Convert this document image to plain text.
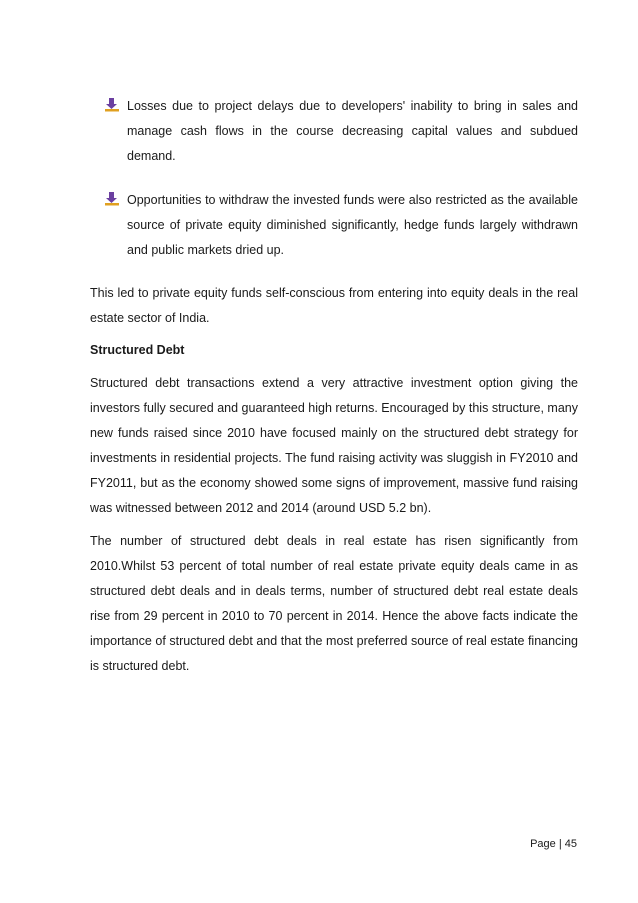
Losses due to project delays due to developers' inability to bring in sales and manage cash flows in the course decreasing capital values and subdued demand.

Opportunities to withdraw the invested funds were also restricted as the available source of private equity diminished significantly, hedge funds largely withdrawn and public markets dried up.

This led to private equity funds self-conscious from entering into equity deals in the real estate sector of India.

Structured Debt

Structured debt transactions extend a very attractive investment option giving the investors fully secured and guaranteed high returns. Encouraged by this structure, many new funds raised since 2010 have focused mainly on the structured debt strategy for investments in residential projects. The fund raising activity was sluggish in FY2010 and FY2011, but as the economy showed some signs of improvement, massive fund raising was witnessed between 2012 and 2014 (around USD 5.2 bn).

The number of structured debt deals in real estate has risen significantly from 2010.Whilst 53 percent of total number of real estate private equity deals came in as structured debt deals and in deals terms, number of structured debt real estate deals rise from 29 percent in 2010 to 70 percent in 2014. Hence the above facts indicate the importance of structured debt and that the most preferred source of real estate financing is structured debt.

Page | 45
